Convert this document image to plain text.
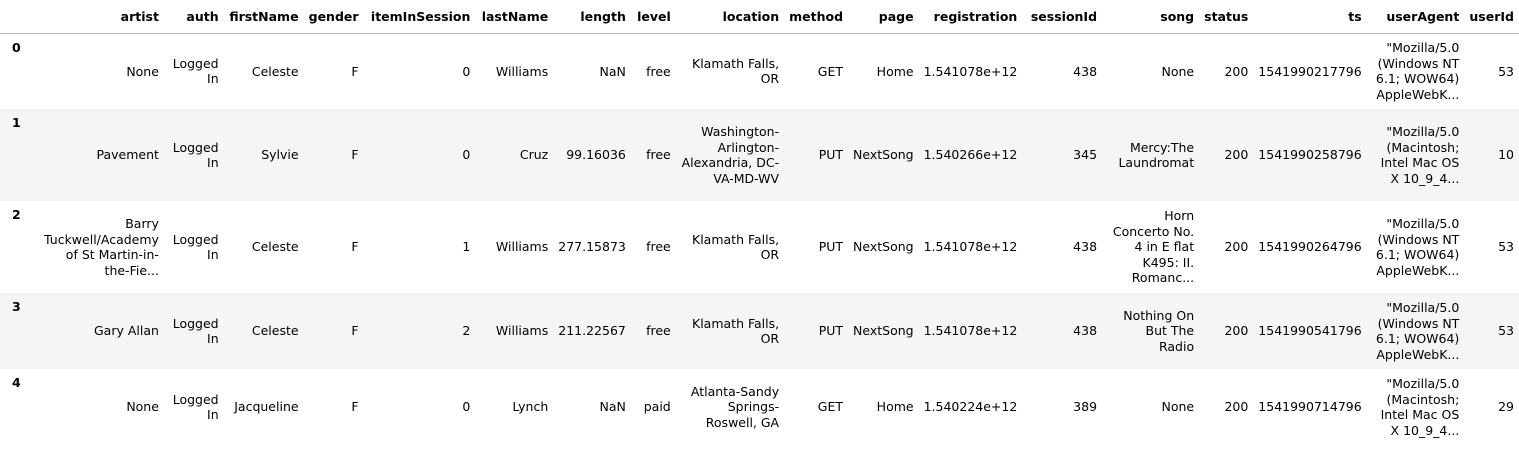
	artist	auth	firstName	gender	itemInSession	lastName	length	level	location	method	page	registration	sessionId	song	status	ts	userAgent	userId
0	None	Logged In	Celeste	F	0	Williams	NaN	free	Klamath Falls, OR	GET	Home	1.541078e+12	438	None	200	1541990217796	"Mozilla/5.0 (Windows NT 6.1; WOW64) AppleWebK...	53
1	Pavement	Logged In	Sylvie	F	0	Cruz	99.16036	free	Washington-Arlington-Alexandria, DC-VA-MD-WV	PUT	NextSong	1.540266e+12	345	Mercy:The Laundromat	200	1541990258796	"Mozilla/5.0 (Macintosh; Intel Mac OS X 10_9_4...	10
2	Barry Tuckwell/Academy of St Martin-in-the-Fie...	Logged In	Celeste	F	1	Williams	277.15873	free	Klamath Falls, OR	PUT	NextSong	1.541078e+12	438	Horn Concerto No. 4 in E flat K495: II. Romanc...	200	1541990264796	"Mozilla/5.0 (Windows NT 6.1; WOW64) AppleWebK...	53
3	Gary Allan	Logged In	Celeste	F	2	Williams	211.22567	free	Klamath Falls, OR	PUT	NextSong	1.541078e+12	438	Nothing On But The Radio	200	1541990541796	"Mozilla/5.0 (Windows NT 6.1; WOW64) AppleWebK...	53
4	None	Logged In	Jacqueline	F	0	Lynch	NaN	paid	Atlanta-Sandy Springs-Roswell, GA	GET	Home	1.540224e+12	389	None	200	1541990714796	"Mozilla/5.0 (Macintosh; Intel Mac OS X 10_9_4...	29
